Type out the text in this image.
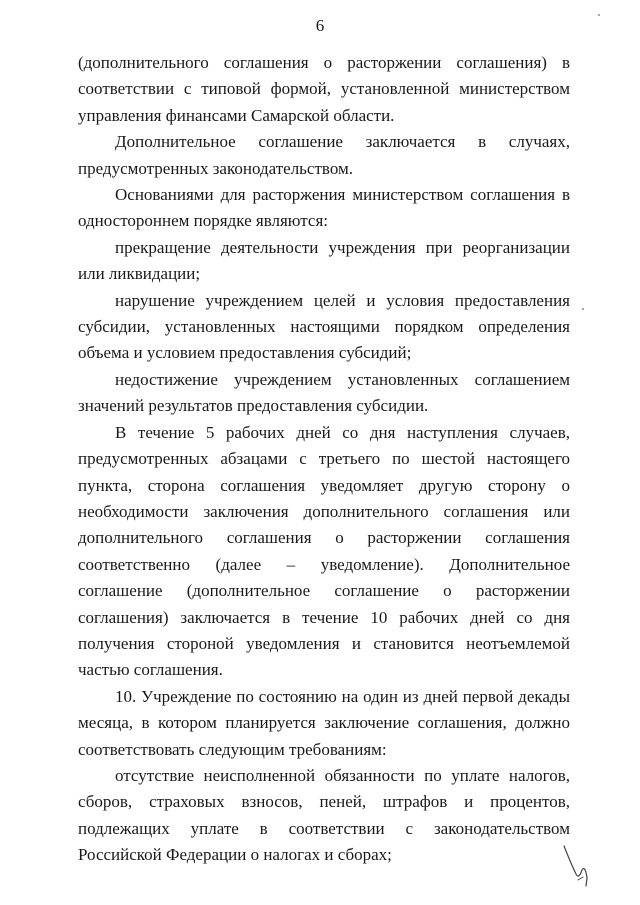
6

(дополнительного соглашения о расторжении соглашения) в соответствии с типовой формой, установленной министерством управления финансами Самарской области.

Дополнительное соглашение заключается в случаях, предусмотренных законодательством.

Основаниями для расторжения министерством соглашения в одностороннем порядке являются:

прекращение деятельности учреждения при реорганизации или ликвидации;

нарушение учреждением целей и условия предоставления субсидии, установленных настоящими порядком определения объема и условием предоставления субсидий;

недостижение учреждением установленных соглашением значений результатов предоставления субсидии.

В течение 5 рабочих дней со дня наступления случаев, предусмотренных абзацами с третьего по шестой настоящего пункта, сторона соглашения уведомляет другую сторону о необходимости заключения дополнительного соглашения или дополнительного соглашения о расторжении соглашения соответственно (далее – уведомление). Дополнительное соглашение (дополнительное соглашение о расторжении соглашения) заключается в течение 10 рабочих дней со дня получения стороной уведомления и становится неотъемлемой частью соглашения.

10. Учреждение по состоянию на один из дней первой декады месяца, в котором планируется заключение соглашения, должно соответствовать следующим требованиям:

отсутствие неисполненной обязанности по уплате налогов, сборов, страховых взносов, пеней, штрафов и процентов, подлежащих уплате в соответствии с законодательством Российской Федерации о налогах и сборах;
